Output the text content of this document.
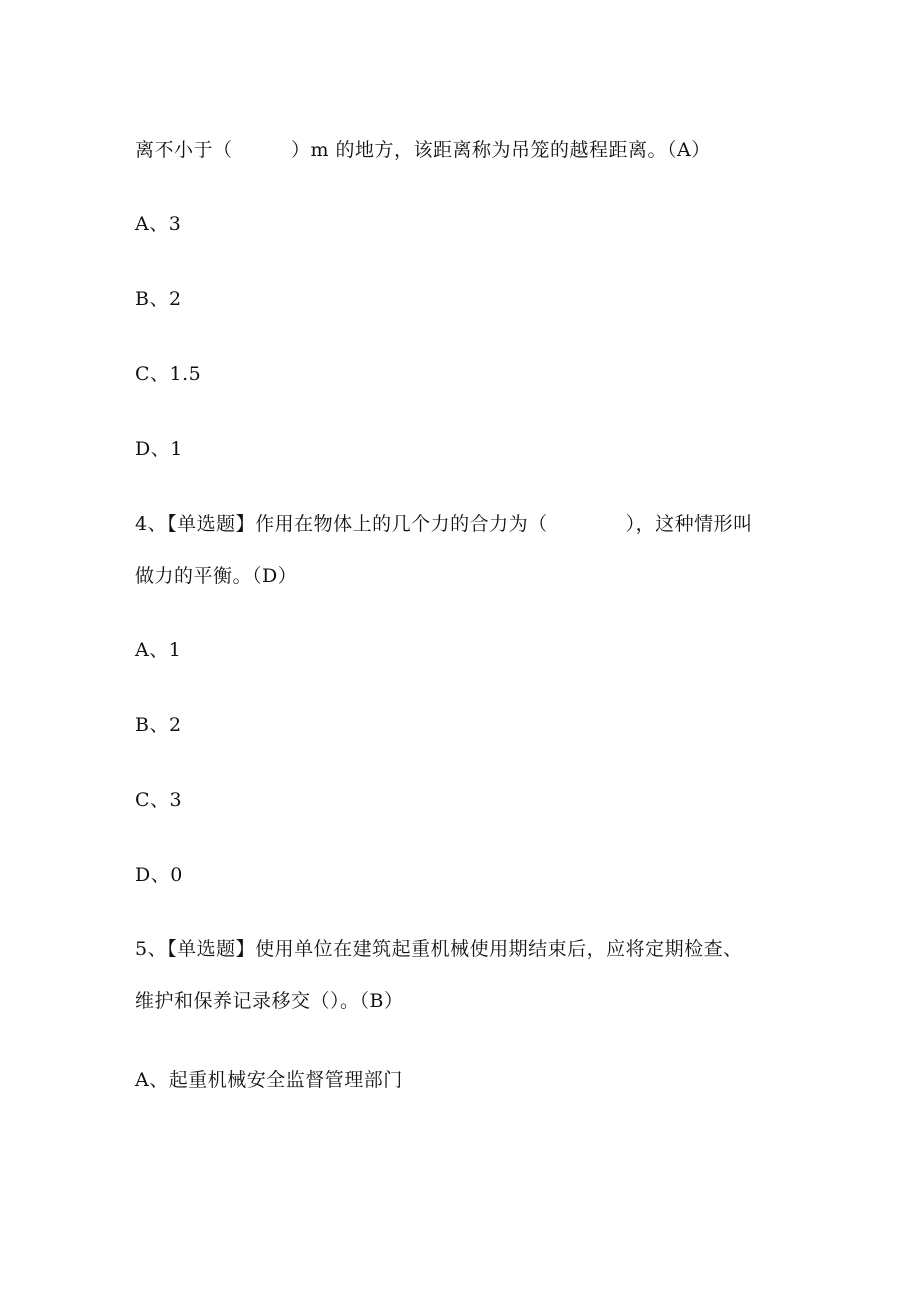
离不小于（　　　）m 的地方，该距离称为吊笼的越程距离。（A）
A、3
B、2
C、1.5
D、1
4、【单选题】作用在物体上的几个力的合力为（　　　　），这种情形叫
做力的平衡。（D）
A、1
B、2
C、3
D、0
5、【单选题】使用单位在建筑起重机械使用期结束后，应将定期检查、
维护和保养记录移交（）。（B）
A、起重机械安全监督管理部门
